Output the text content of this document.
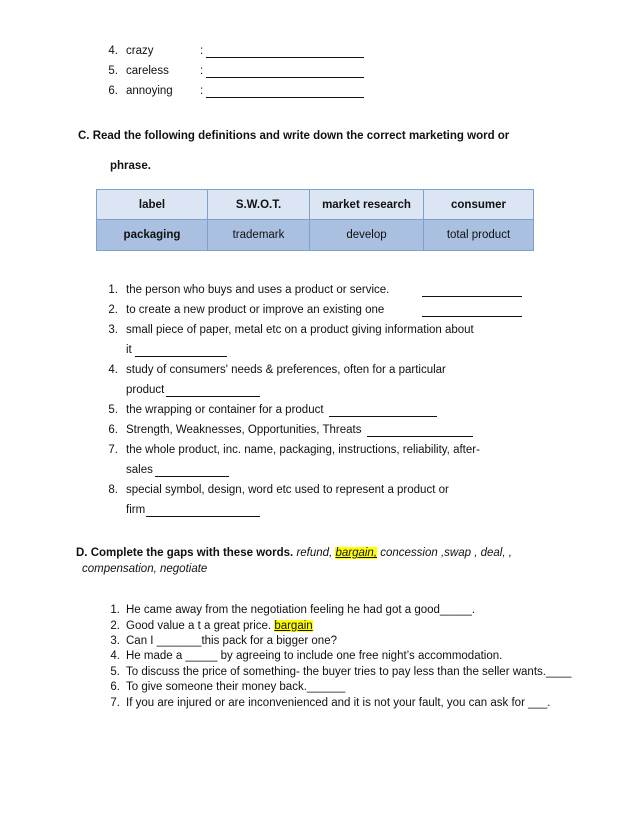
4. crazy	:
5. careless	:
6. annoying :
C. Read the following definitions and write down the correct marketing word or
phrase.
label	S.W.O.T.	market research	consumer
packaging	trademark	develop	total product
1. the person who buys and uses a product or service.
2. to create a new product or improve an existing one
3. small piece of paper, metal etc on a product giving information about
it
4. study of consumers' needs & preferences, often for a particular
product
5. the wrapping or container for a product
6. Strength, Weaknesses, Opportunities, Threats
7. the whole product, inc. name, packaging, instructions, reliability, after-
sales
8. special symbol, design, word etc used to represent a product or
firm
D. Complete the gaps with these words. refund, bargain, concession ,swap , deal, ,
compensation, negotiate
1. He came away from the negotiation feeling he had got a good_____.
2. Good value a t a great price. bargain
3. Can I _______this pack for a bigger one?
4. He made a _____ by agreeing to include one free night’s accommodation.
5. To discuss the price of something- the buyer tries to pay less than the seller wants.____
6. To give someone their money back.______
7. If you are injured or are inconvenienced and it is not your fault, you can ask for ___.
